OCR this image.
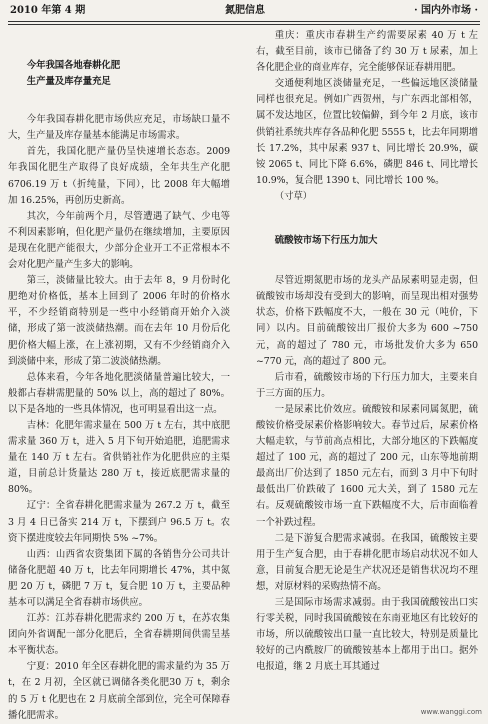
2010 年第 4 期	氮肥信息	· 国内外市场 ·

今年我国各地春耕化肥

生产量及库存量充足

今年我国春耕化肥市场供应充足，市场缺口量不大，生产量及库存量基本能满足市场需求。

首先，我国化肥产量仍呈快速增长态态。2009 年我国化肥生产取得了良好成绩，全年共生产化肥 6706.19 万 t（折纯量，下同），比 2008 年大幅增加 16.25%，再创历史新高。

其次，今年前两个月，尽管遭遇了缺气、少电等不利因素影响，但化肥产量仍在继续增加，主要原因是现在化肥产能很大，少部分企业开工不正常根本不会对化肥产量产生多大的影响。

第三，淡储量比较大。由于去年 8，9 月份时化肥绝对价格低，基本上回到了 2006 年时的价格水平，不少经销商特别是一些中小经销商开始介入淡储，形成了第一波淡储热潮。而在去年 10 月份后化肥价格大幅上涨，在上涨初期，又有不少经销商介入到淡储中来，形成了第二波淡储热潮。

总体来看，今年各地化肥淡储量普遍比较大，一般都占春耕需肥量的 50% 以上，高的超过了 80%。以下是各地的一些具体情况，也可明显看出这一点。

吉林：化肥年需求量在 500 万 t 左右，其中底肥需求量 360 万 t，进入 5 月下旬开始追肥，追肥需求量在 140 万 t 左右。省供销社作为化肥供应的主渠道，目前总计货量达 280 万 t，接近底肥需求量的 80%。

辽宁：全省春耕化肥需求量为 267.2 万 t，截至 3 月 4 日已备实 214 万 t，下摆到户 96.5 万 t。农资下摆进度较去年同期快 5% ~7%。

山西：山西省农资集团下属的各销售分公司共计储备化肥超 40 万 t，比去年同期增长 47%，其中氮肥 20 万 t，磷肥 7 万 t，复合肥 10 万 t，主要品种基本可以满足全省春耕市场供应。

江苏：江苏春耕化肥需求约 200 万 t，在苏农集团向外省调配一部分化肥后，全省春耕期间供需呈基本平衡状态。

宁夏：2010 年全区春耕化肥的需求量约为 35 万 t，在 2 月初，全区就已调储各类化肥30 万 t，剩余的 5 万 t 化肥也在 2 月底前全部到位，完全可保障春播化肥需求。

重庆：重庆市春耕生产约需要尿素 40 万 t 左右，截至目前，该市已储备了约 30 万 t 尿素，加上各化肥企业的商业库存，完全能够保证春耕用肥。

交通便利地区淡储量充足，一些偏远地区淡储量同样也很充足。例如广西贺州，与广东西北部相邻，属不发达地区，位置比较偏僻，到今年 2 月底，该市供销社系统共库存各品种化肥 5555 t，比去年同期增长 17.2%，其中尿素 937 t、同比增长 20.9%，碳铵 2065 t、同比下降 6.6%，磷肥 846 t、同比增长 10.9%，复合肥 1390 t、同比增长 100 %。

（寸草）

硫酸铵市场下行压力加大

尽管近期氮肥市场的龙头产品尿素明显走弱，但硫酸铵市场却没有受到大的影响，而呈现出相对强势状态，价格下跌幅度不大，一般在 30 元（吨价，下同）以内。目前硫酸铵出厂报价大多为 600 ~750 元，高的超过了 780 元，市场批发价大多为 650 ~770 元，高的超过了 800 元。

后市看，硫酸铵市场的下行压力加大，主要来自于三方面的压力。

一是尿素比价效应。硫酸铵和尿素同属氮肥，硫酸铵价格受尿素价格影响较大。春节过后，尿素价格大幅走软，与节前高点相比，大部分地区的下跌幅度超过了 100 元，高的超过了 200 元，山东等地前期最高出厂价达到了 1850 元左右，而到 3 月中下旬时最低出厂价跌破了 1600 元大关，到了 1580 元左右。反观硫酸铵市场一直下跌幅度不大，后市面临着一个补跌过程。

二是下游复合肥需求减弱。在我国，硫酸铵主要用于生产复合肥，由于春耕化肥市场启动状况不如人意，目前复合肥无论是生产状况还是销售状况均不理想，对原材料的采购热情不高。

三是国际市场需求减弱。由于我国硫酸铵出口实行零关税，同时我国硫酸铵在东南亚地区有比较好的市场，所以硫酸铵出口量一直比较大，特别是质量比较好的己内酰胺厂的硫酸铵基本上都用于出口。据外电报道，继 2 月底土耳其通过

www.wanggi.com
